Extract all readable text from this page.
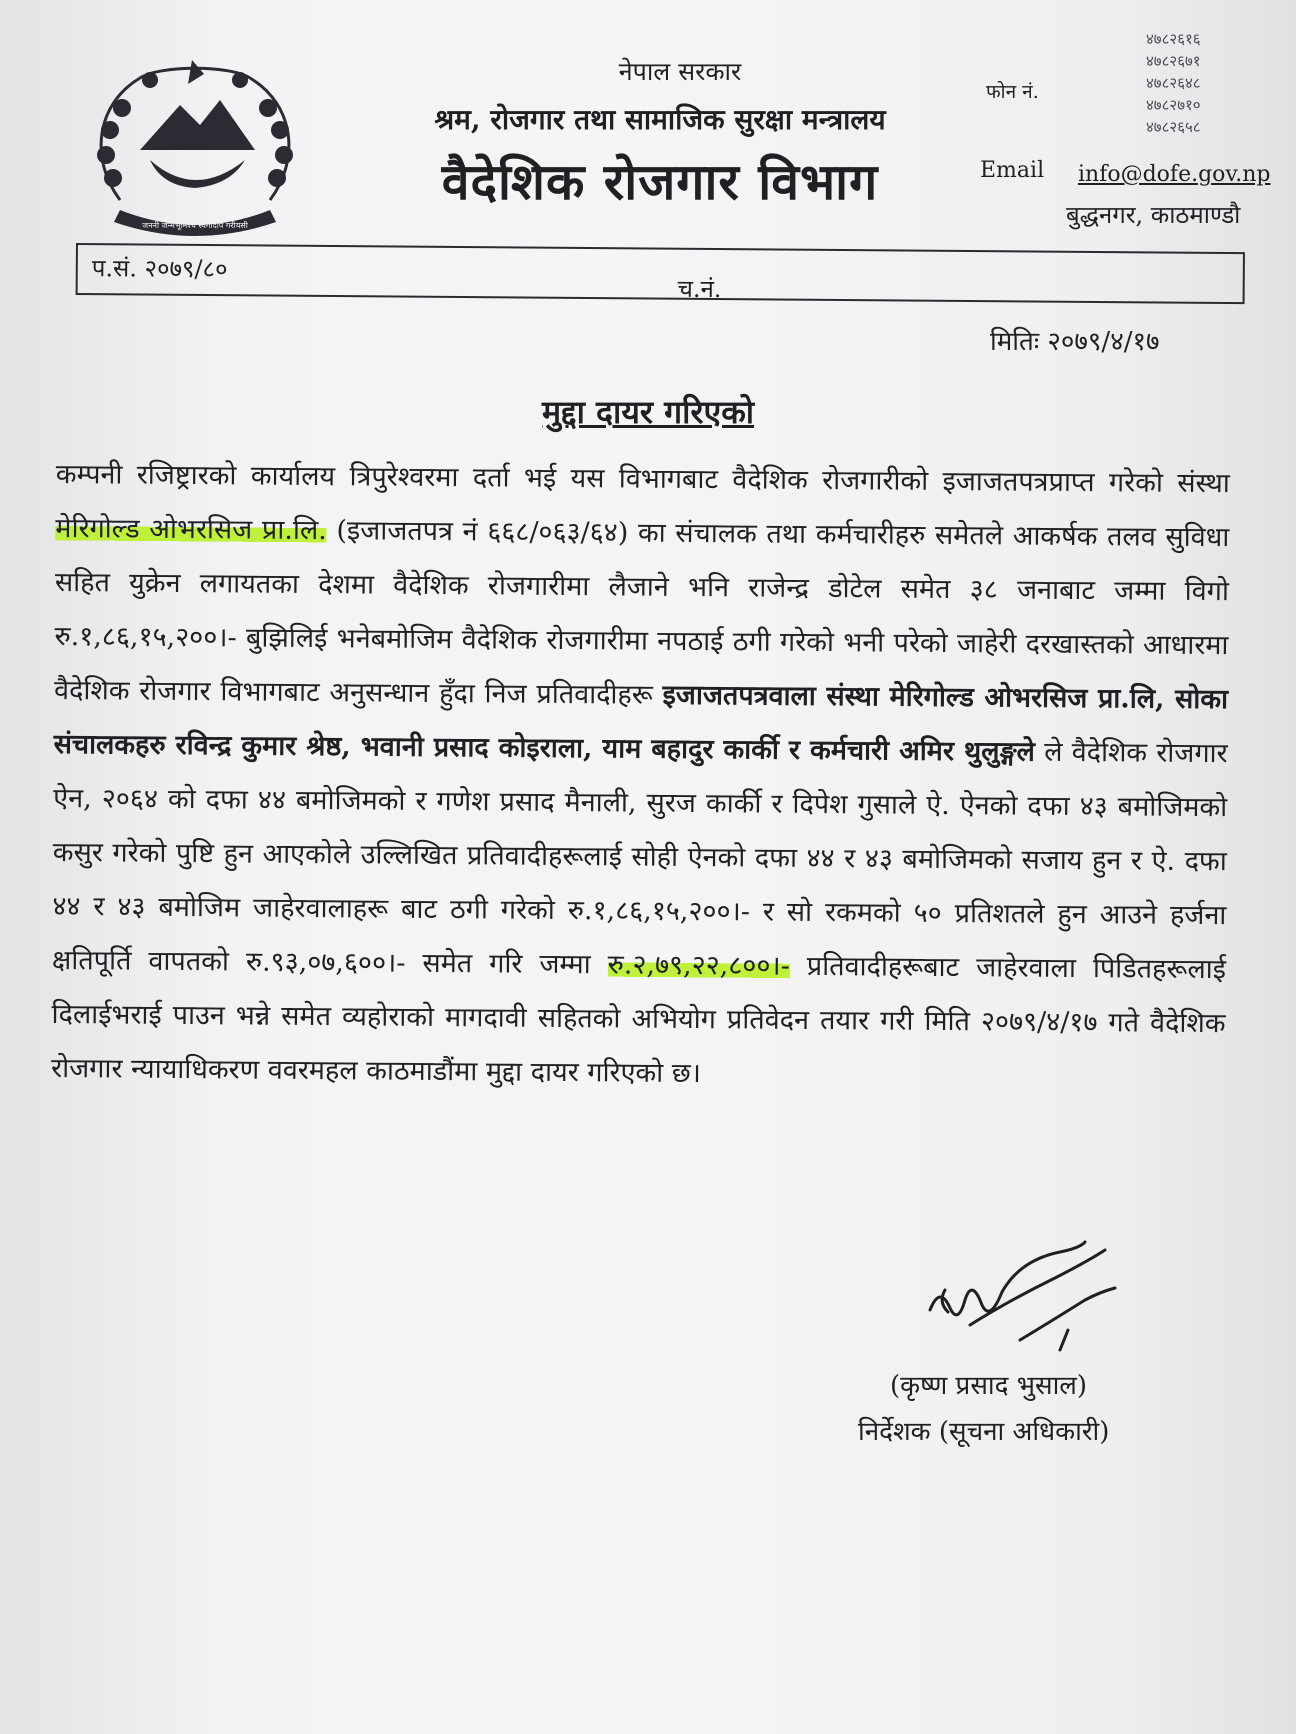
जननी जन्मभूमिश्च स्वर्गादपि गरीयसी
नेपाल सरकार
श्रम, रोजगार तथा सामाजिक सुरक्षा मन्त्रालय
वैदेशिक रोजगार विभाग
फोन नं.
४७८२६१६
४७८२६७१
४७८२६४८
४७८२७१०
४७८२६५८
Email info@dofe.gov.np
बुद्धनगर, काठमाण्डौ
प.सं. २०७९/८०
च.नं.
मितिः २०७९/४/१७
मुद्दा दायर गरिएको
कम्पनी रजिष्ट्रारको कार्यालय त्रिपुरेश्वरमा दर्ता भई यस विभागबाट वैदेशिक रोजगारीको इजाजतपत्रप्राप्त गरेको संस्था मेरिगोल्ड ओभरसिज प्रा.लि. (इजाजतपत्र नं ६६८/०६३/६४) का संचालक तथा कर्मचारीहरु समेतले आकर्षक तलव सुविधा सहित युक्रेन लगायतका देशमा वैदेशिक रोजगारीमा लैजाने भनि राजेन्द्र डोटेल समेत ३८ जनाबाट जम्मा विगो रु.१,८६,१५,२००।- बुझिलिई भनेबमोजिम वैदेशिक रोजगारीमा नपठाई ठगी गरेको भनी परेको जाहेरी दरखास्तको आधारमा वैदेशिक रोजगार विभागबाट अनुसन्धान हुँदा निज प्रतिवादीहरू इजाजतपत्रवाला संस्था मेरिगोल्ड ओभरसिज प्रा.लि, सोका संचालकहरु रविन्द्र कुमार श्रेष्ठ, भवानी प्रसाद कोइराला, याम बहादुर कार्की र कर्मचारी अमिर थुलुङ्गले ले वैदेशिक रोजगार ऐन, २०६४ को दफा ४४ बमोजिमको र गणेश प्रसाद मैनाली, सुरज कार्की र दिपेश गुसाले ऐ. ऐनको दफा ४३ बमोजिमको कसुर गरेको पुष्टि हुन आएकोले उल्लिखित प्रतिवादीहरूलाई सोही ऐनको दफा ४४ र ४३ बमोजिमको सजाय हुन र ऐ. दफा ४४ र ४३ बमोजिम जाहेरवालाहरू बाट ठगी गरेको रु.१,८६,१५,२००।- र सो रकमको ५० प्रतिशतले हुन आउने हर्जना क्षतिपूर्ति वापतको रु.९३,०७,६००।- समेत गरि जम्मा रु.२,७९,२२,८००।- प्रतिवादीहरूबाट जाहेरवाला पिडितहरूलाई दिलाईभराई पाउन भन्ने समेत व्यहोराको मागदावी सहितको अभियोग प्रतिवेदन तयार गरी मिति २०७९/४/१७ गते वैदेशिक रोजगार न्यायाधिकरण ववरमहल काठमाडौंमा मुद्दा दायर गरिएको छ।
(कृष्ण प्रसाद भुसाल)
निर्देशक (सूचना अधिकारी)
